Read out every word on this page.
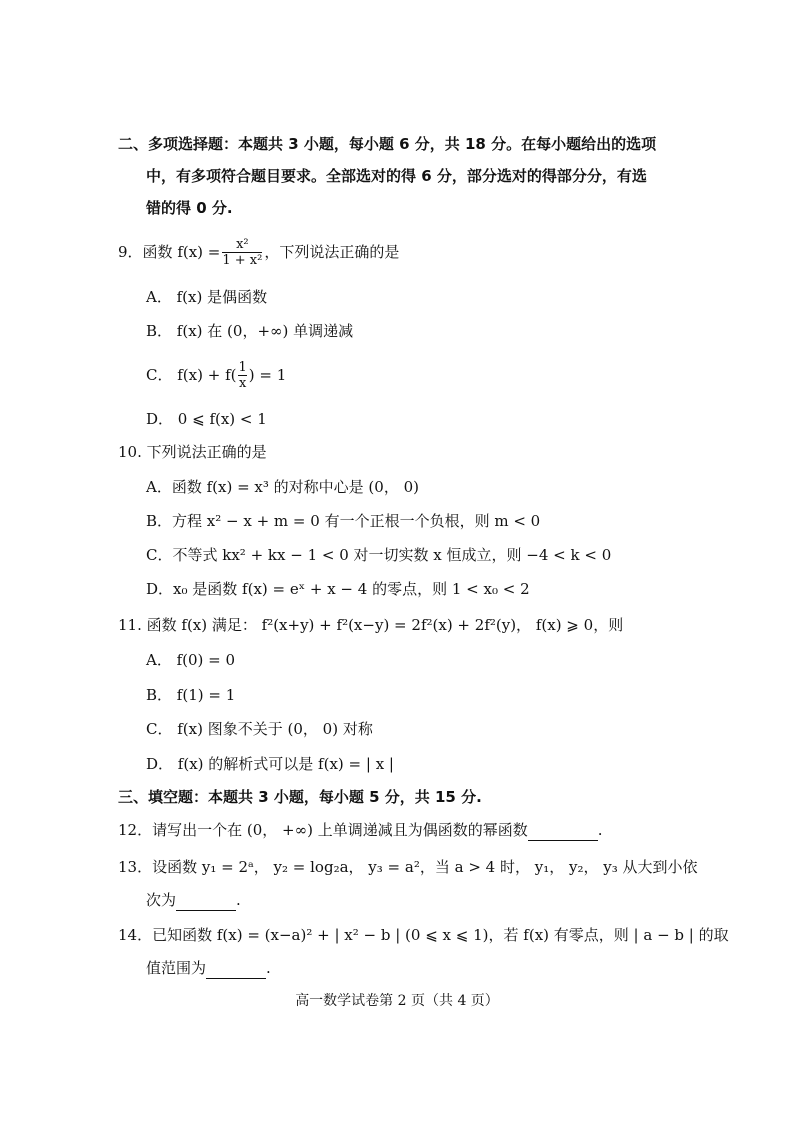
二、多项选择题：本题共 3 小题，每小题 6 分，共 18 分。在每小题给出的选项
中，有多项符合题目要求。全部选对的得 6 分，部分选对的得部分分，有选
错的得 0 分.
9．函数 $f(x) = \frac{\text{x²}}{\text{1 + x²}}$ ，下列说法正确的是
A． f(x) 是偶函数
B． f(x) 在 (0，+∞) 单调递减
C． $f(x) + f( \frac{1}{x}$ ) = 1
D． 0 ⩽ f(x) < 1
10. 下列说法正确的是
A．函数 f(x) = x³ 的对称中心是 (0， 0)
B．方程 x² − x + m = 0 有一个正根一个负根，则 m < 0
C．不等式 kx² + kx − 1 < 0 对一切实数 x 恒成立，则 −4 < k < 0
D．x₀ 是函数 f(x) = eˣ + x − 4 的零点，则 1 < x₀ < 2
11. 函数 f(x) 满足： f²(x+y) + f²(x−y) = 2f²(x) + 2f²(y)， f(x) ⩾ 0，则
A． f(0) = 0
B． f(1) = 1
C． f(x) 图象不关于 (0， 0) 对称
D． f(x) 的解析式可以是 f(x) = | x |
三、填空题：本题共 3 小题，每小题 5 分，共 15 分.
12．请写出一个在 (0， +∞) 上单调递减且为偶函数的幂函数	.
13．设函数 y₁ = 2ᵃ， y₂ = log₂a， y₃ = a²，当 a > 4 时， y₁， y₂， y₃ 从大到小依
次为	.
14．已知函数 f(x) = (x−a)² + | x² − b | (0 ⩽ x ⩽ 1)，若 f(x) 有零点，则 | a − b | 的取
值范围为	.
高一数学试卷第 2 页（共 4 页）
